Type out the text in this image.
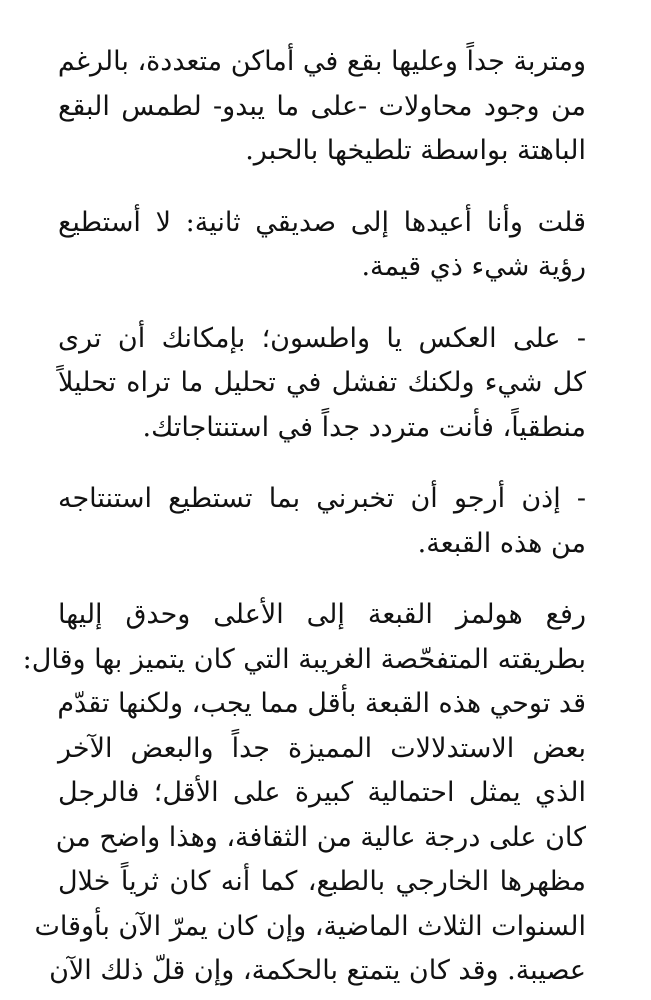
ومتربة جداً وعليها بقع في أماكن متعددة، بالرغم
من وجود محاولات -على ما يبدو- لطمس البقع
الباهتة بواسطة تلطيخها بالحبر.

قلت وأنا أعيدها إلى صديقي ثانية: لا أستطيع
رؤية شيء ذي قيمة.

- على العكس يا واطسون؛ بإمكانك أن ترى
كل شيء ولكنك تفشل في تحليل ما تراه تحليلاً
منطقياً، فأنت متردد جداً في استنتاجاتك.

- إذن أرجو أن تخبرني بما تستطيع استنتاجه
من هذه القبعة.

رفع هولمز القبعة إلى الأعلى وحدق إليها
بطريقته المتفحّصة الغريبة التي كان يتميز بها وقال:
قد توحي هذه القبعة بأقل مما يجب، ولكنها تقدّم
بعض الاستدلالات المميزة جداً والبعض الآخر
الذي يمثل احتمالية كبيرة على الأقل؛ فالرجل
كان على درجة عالية من الثقافة، وهذا واضح من
مظهرها الخارجي بالطبع، كما أنه كان ثرياً خلال
السنوات الثلاث الماضية، وإن كان يمرّ الآن بأوقات
عصيبة. وقد كان يتمتع بالحكمة، وإن قلّ ذلك الآن
